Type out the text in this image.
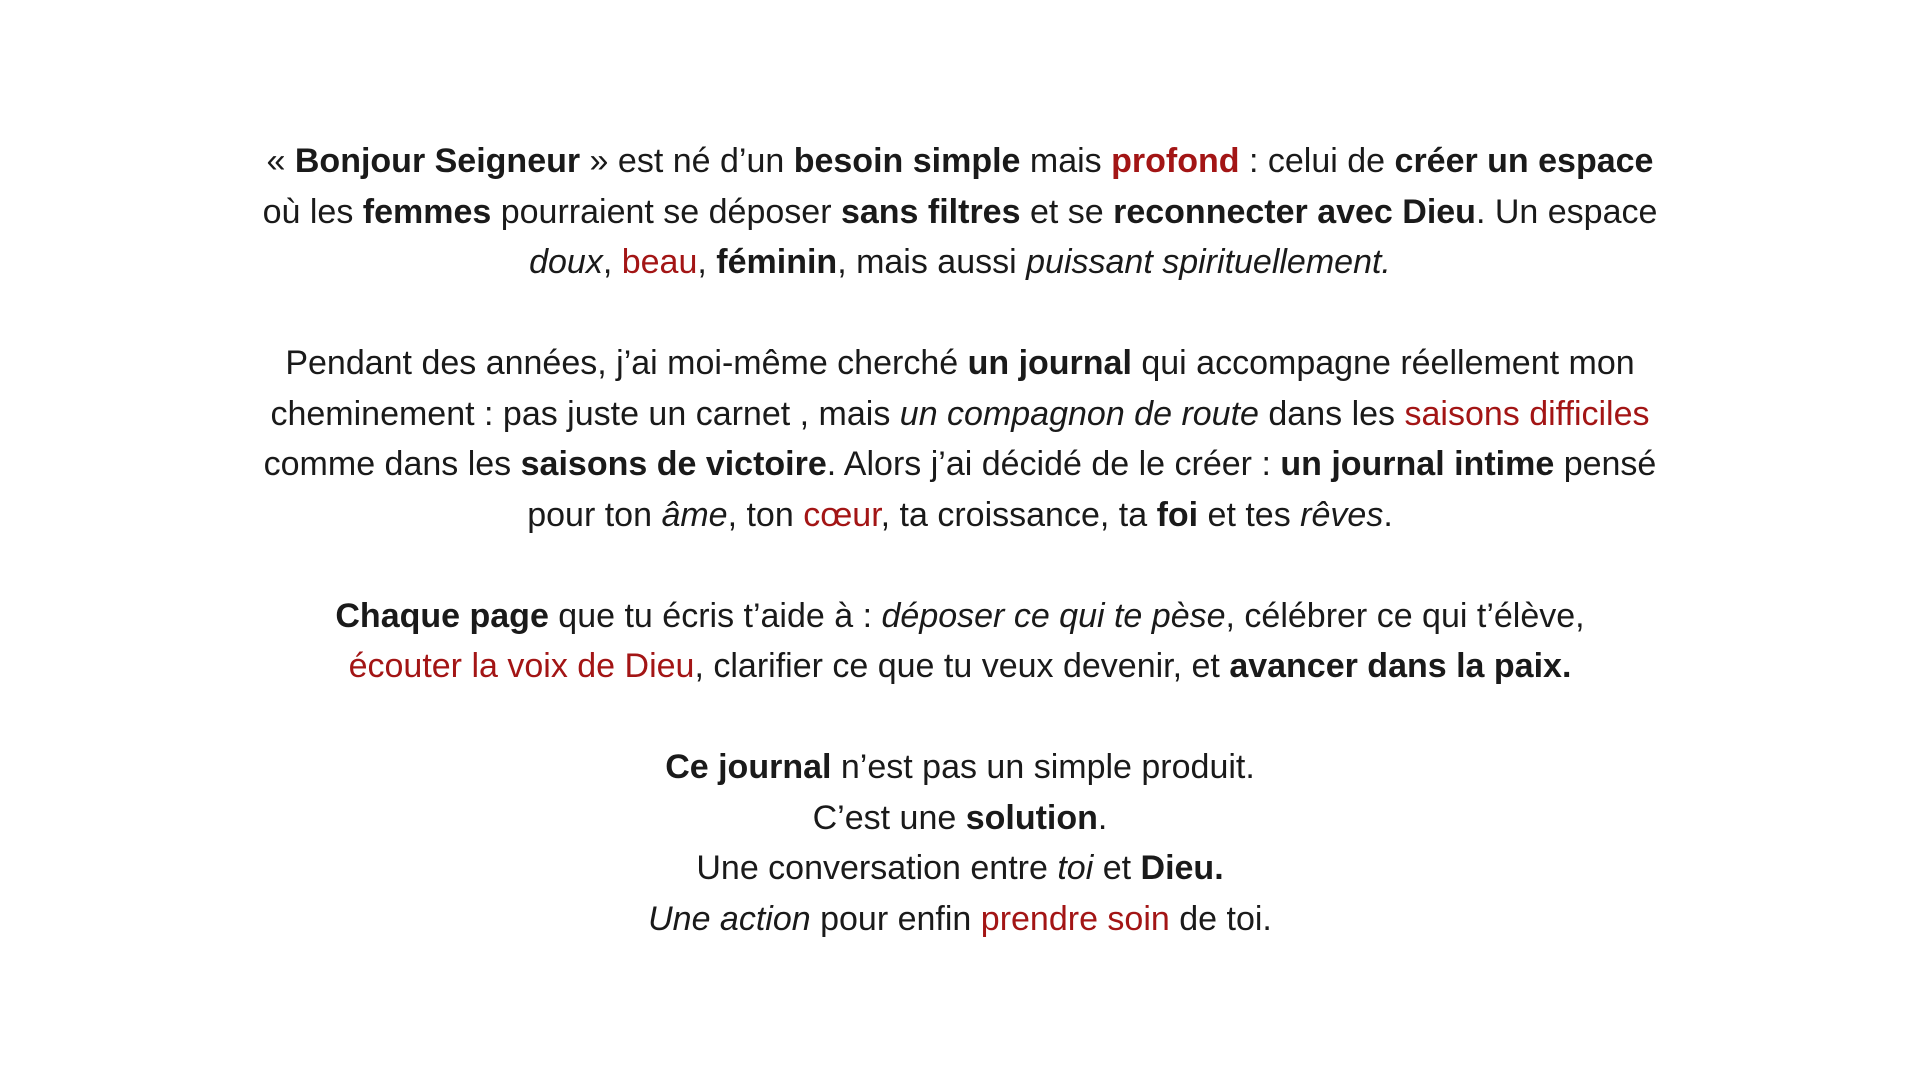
« Bonjour Seigneur » est né d’un besoin simple mais profond : celui de créer un espace
où les femmes pourraient se déposer sans filtres et se reconnecter avec Dieu. Un espace
doux, beau, féminin, mais aussi puissant spirituellement.

Pendant des années, j’ai moi-même cherché un journal qui accompagne réellement mon
cheminement : pas juste un carnet , mais un compagnon de route dans les saisons difficiles
comme dans les saisons de victoire. Alors j’ai décidé de le créer : un journal intime pensé
pour ton âme, ton cœur, ta croissance, ta foi et tes rêves.

Chaque page que tu écris t’aide à : déposer ce qui te pèse, célébrer ce qui t’élève,
écouter la voix de Dieu, clarifier ce que tu veux devenir, et avancer dans la paix.

Ce journal n’est pas un simple produit.
C’est une solution.
Une conversation entre toi et Dieu.
Une action pour enfin prendre soin de toi.
